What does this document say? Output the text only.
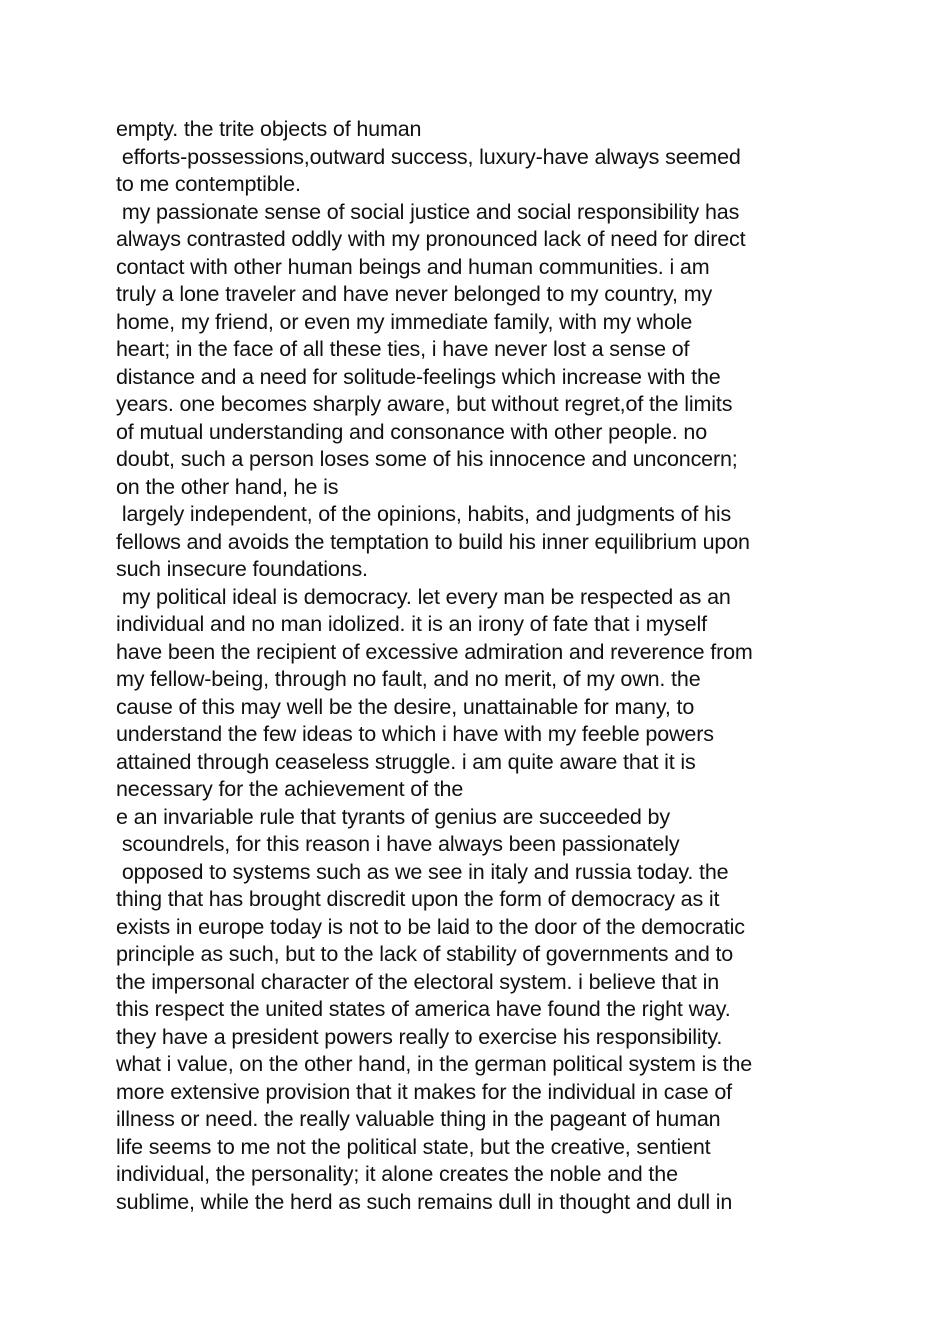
empty. the trite objects of human
efforts-possessions,outward success, luxury-have always seemed
to me contemptible.
my passionate sense of social justice and social responsibility has
always contrasted oddly with my pronounced lack of need for direct
contact with other human beings and human communities. i am
truly a lone traveler and have never belonged to my country, my
home, my friend, or even my immediate family, with my whole
heart; in the face of all these ties, i have never lost a sense of
distance and a need for solitude-feelings which increase with the
years. one becomes sharply aware, but without regret,of the limits
of mutual understanding and consonance with other people. no
doubt, such a person loses some of his innocence and unconcern;
on the other hand, he is
largely independent, of the opinions, habits, and judgments of his
fellows and avoids the temptation to build his inner equilibrium upon
such insecure foundations.
my political ideal is democracy. let every man be respected as an
individual and no man idolized. it is an irony of fate that i myself
have been the recipient of excessive admiration and reverence from
my fellow-being, through no fault, and no merit, of my own. the
cause of this may well be the desire, unattainable for many, to
understand the few ideas to which i have with my feeble powers
attained through ceaseless struggle. i am quite aware that it is
necessary for the achievement of the
e an invariable rule that tyrants of genius are succeeded by
scoundrels, for this reason i have always been passionately
opposed to systems such as we see in italy and russia today. the
thing that has brought discredit upon the form of democracy as it
exists in europe today is not to be laid to the door of the democratic
principle as such, but to the lack of stability of governments and to
the impersonal character of the electoral system. i believe that in
this respect the united states of america have found the right way.
they have a president powers really to exercise his responsibility.
what i value, on the other hand, in the german political system is the
more extensive provision that it makes for the individual in case of
illness or need. the really valuable thing in the pageant of human
life seems to me not the political state, but the creative, sentient
individual, the personality; it alone creates the noble and the
sublime, while the herd as such remains dull in thought and dull in
